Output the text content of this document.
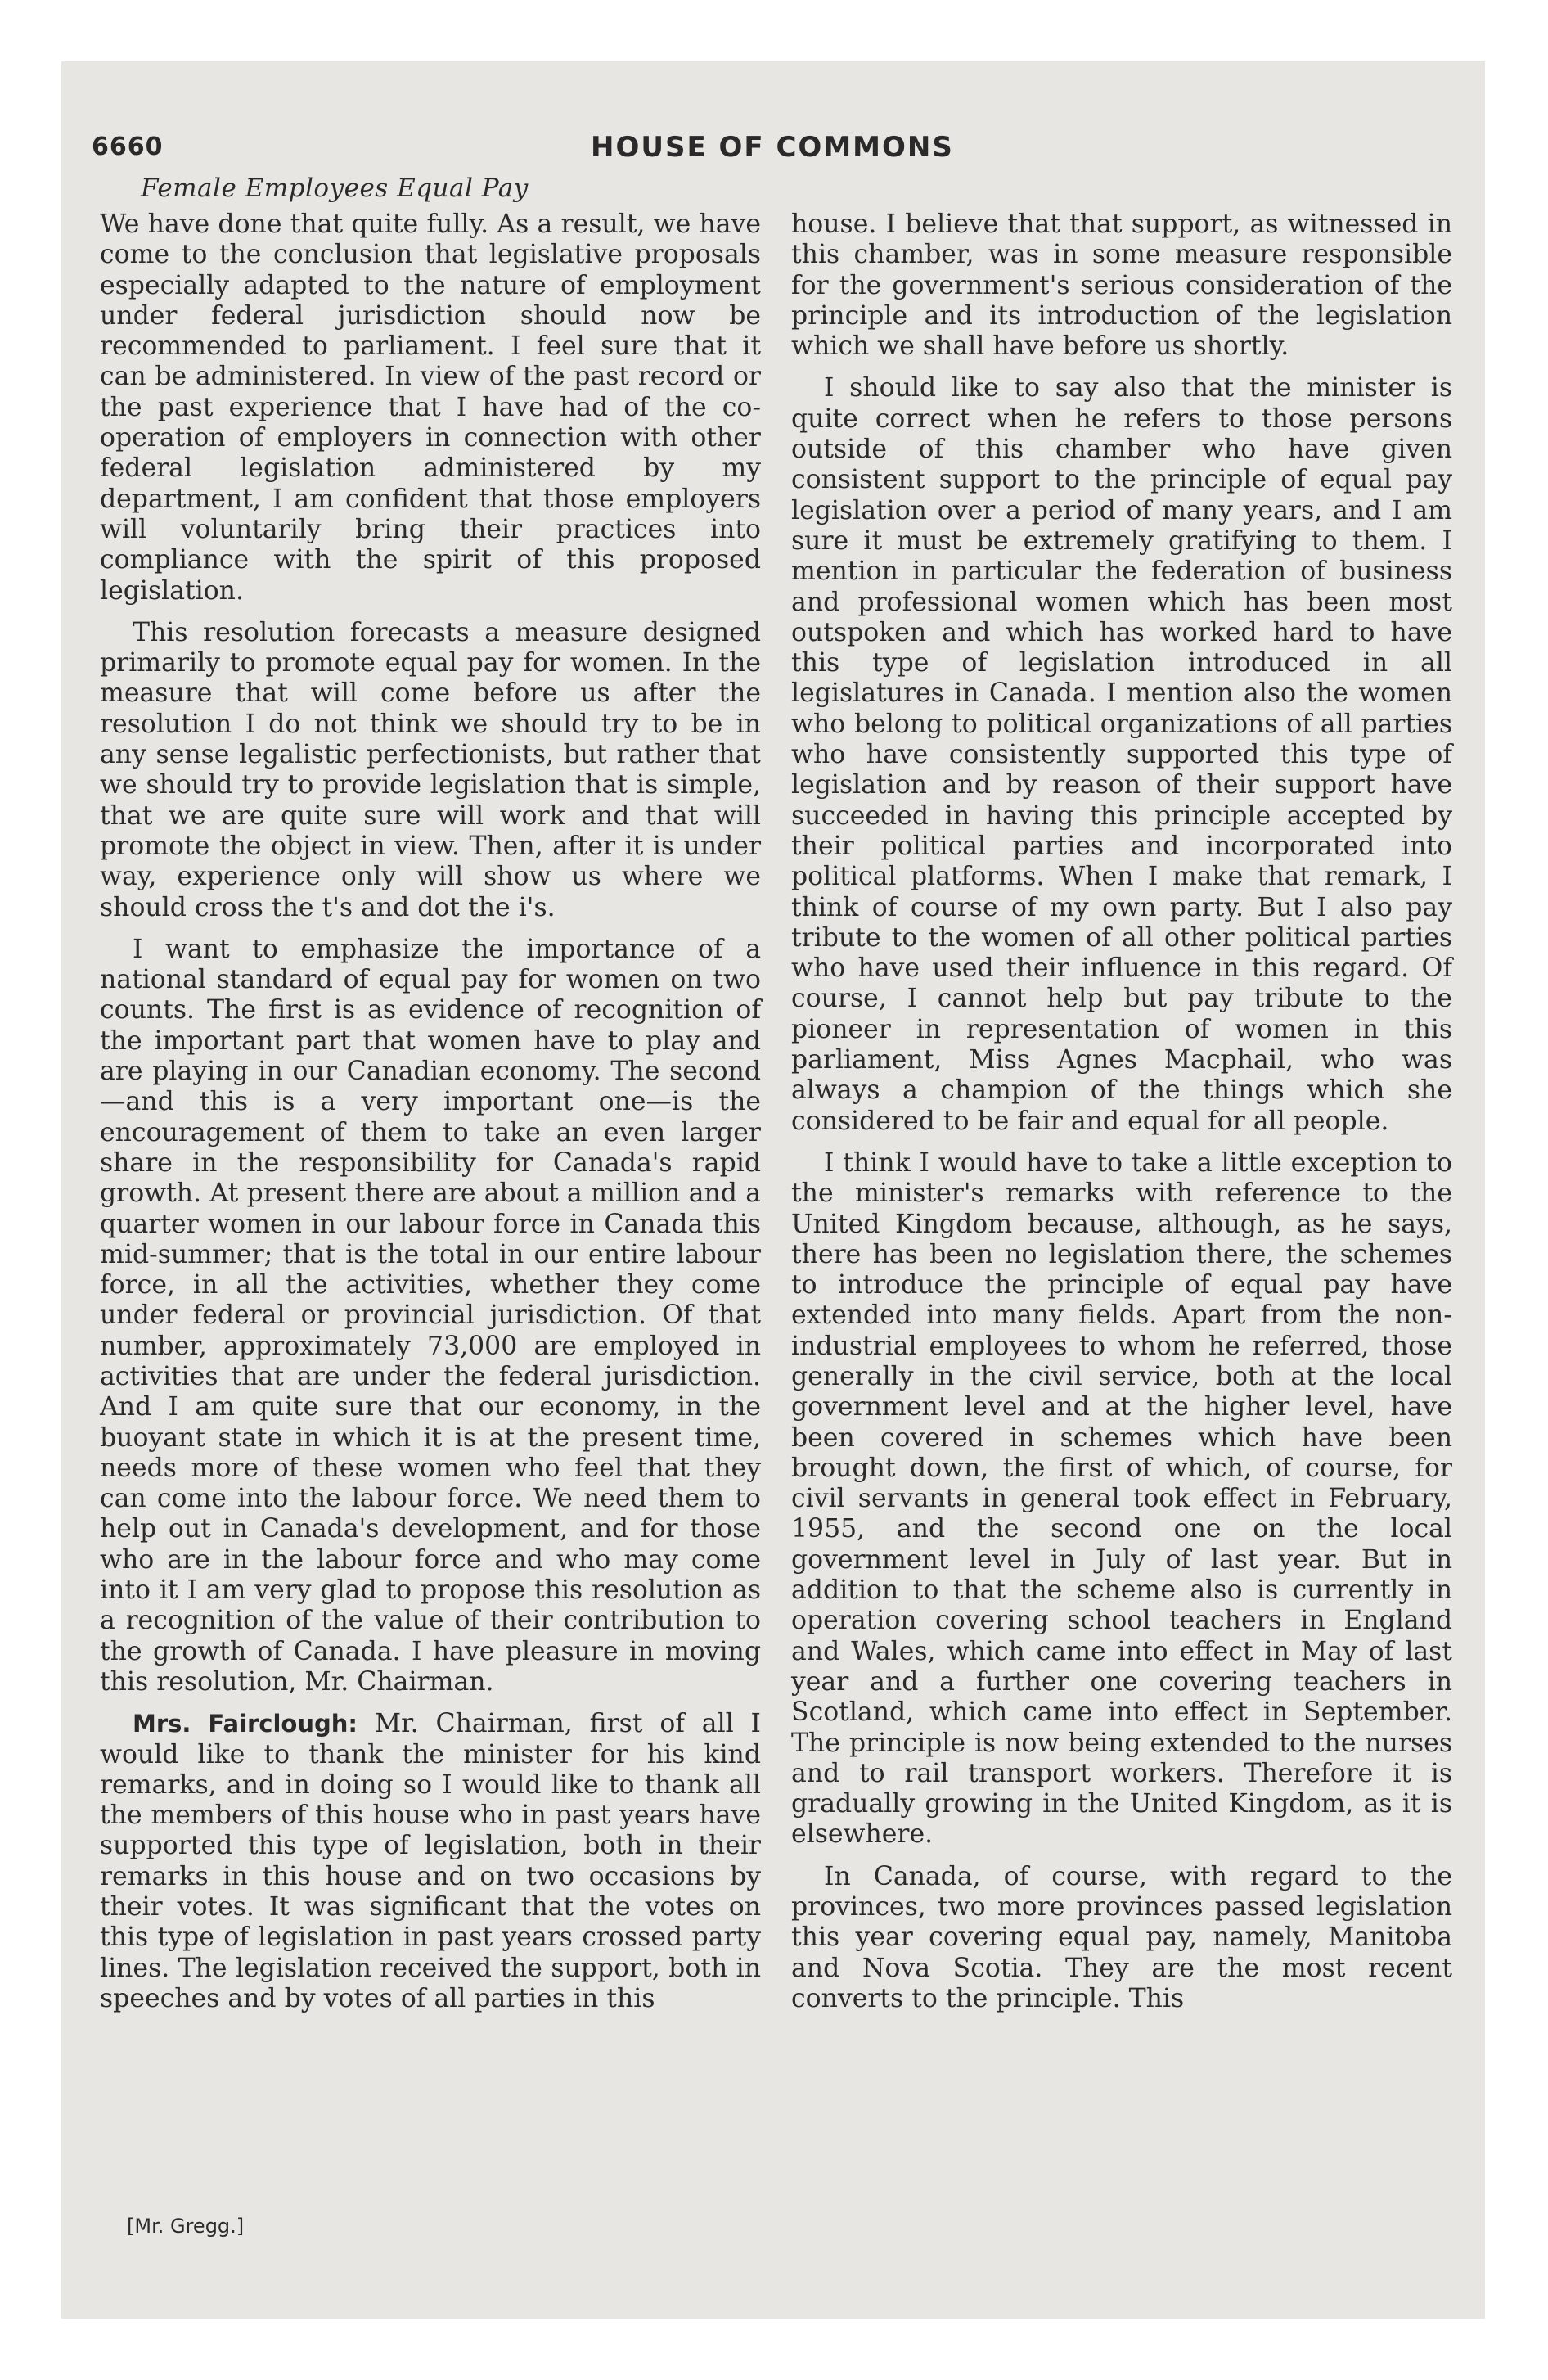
6660	HOUSE OF COMMONS
Female Employees Equal Pay

We have done that quite fully. As a result, we have come to the conclusion that legislative proposals especially adapted to the nature of employment under federal jurisdiction should now be recommended to parliament. I feel sure that it can be administered. In view of the past record or the past experience that I have had of the co-operation of employers in connection with other federal legislation administered by my department, I am confident that those employers will voluntarily bring their practices into compliance with the spirit of this proposed legislation.

This resolution forecasts a measure designed primarily to promote equal pay for women. In the measure that will come before us after the resolution I do not think we should try to be in any sense legalistic perfectionists, but rather that we should try to provide legislation that is simple, that we are quite sure will work and that will promote the object in view. Then, after it is under way, experience only will show us where we should cross the t's and dot the i's.

I want to emphasize the importance of a national standard of equal pay for women on two counts. The first is as evidence of recognition of the important part that women have to play and are playing in our Canadian economy. The second—and this is a very important one—is the encouragement of them to take an even larger share in the responsibility for Canada's rapid growth. At present there are about a million and a quarter women in our labour force in Canada this mid-summer; that is the total in our entire labour force, in all the activities, whether they come under federal or provincial jurisdiction. Of that number, approximately 73,000 are employed in activities that are under the federal jurisdiction. And I am quite sure that our economy, in the buoyant state in which it is at the present time, needs more of these women who feel that they can come into the labour force. We need them to help out in Canada's development, and for those who are in the labour force and who may come into it I am very glad to propose this resolution as a recognition of the value of their contribution to the growth of Canada. I have pleasure in moving this resolution, Mr. Chairman.

Mrs. Fairclough: Mr. Chairman, first of all I would like to thank the minister for his kind remarks, and in doing so I would like to thank all the members of this house who in past years have supported this type of legislation, both in their remarks in this house and on two occasions by their votes. It was significant that the votes on this type of legislation in past years crossed party lines. The legislation received the support, both in speeches and by votes of all parties in this

house. I believe that that support, as witnessed in this chamber, was in some measure responsible for the government's serious consideration of the principle and its introduction of the legislation which we shall have before us shortly.

I should like to say also that the minister is quite correct when he refers to those persons outside of this chamber who have given consistent support to the principle of equal pay legislation over a period of many years, and I am sure it must be extremely gratifying to them. I mention in particular the federation of business and professional women which has been most outspoken and which has worked hard to have this type of legislation introduced in all legislatures in Canada. I mention also the women who belong to political organizations of all parties who have consistently supported this type of legislation and by reason of their support have succeeded in having this principle accepted by their political parties and incorporated into political platforms. When I make that remark, I think of course of my own party. But I also pay tribute to the women of all other political parties who have used their influence in this regard. Of course, I cannot help but pay tribute to the pioneer in representation of women in this parliament, Miss Agnes Macphail, who was always a champion of the things which she considered to be fair and equal for all people.

I think I would have to take a little exception to the minister's remarks with reference to the United Kingdom because, although, as he says, there has been no legislation there, the schemes to introduce the principle of equal pay have extended into many fields. Apart from the non-industrial employees to whom he referred, those generally in the civil service, both at the local government level and at the higher level, have been covered in schemes which have been brought down, the first of which, of course, for civil servants in general took effect in February, 1955, and the second one on the local government level in July of last year. But in addition to that the scheme also is currently in operation covering school teachers in England and Wales, which came into effect in May of last year and a further one covering teachers in Scotland, which came into effect in September. The principle is now being extended to the nurses and to rail transport workers. Therefore it is gradually growing in the United Kingdom, as it is elsewhere.

In Canada, of course, with regard to the provinces, two more provinces passed legislation this year covering equal pay, namely, Manitoba and Nova Scotia. They are the most recent converts to the principle. This

[Mr. Gregg.]
